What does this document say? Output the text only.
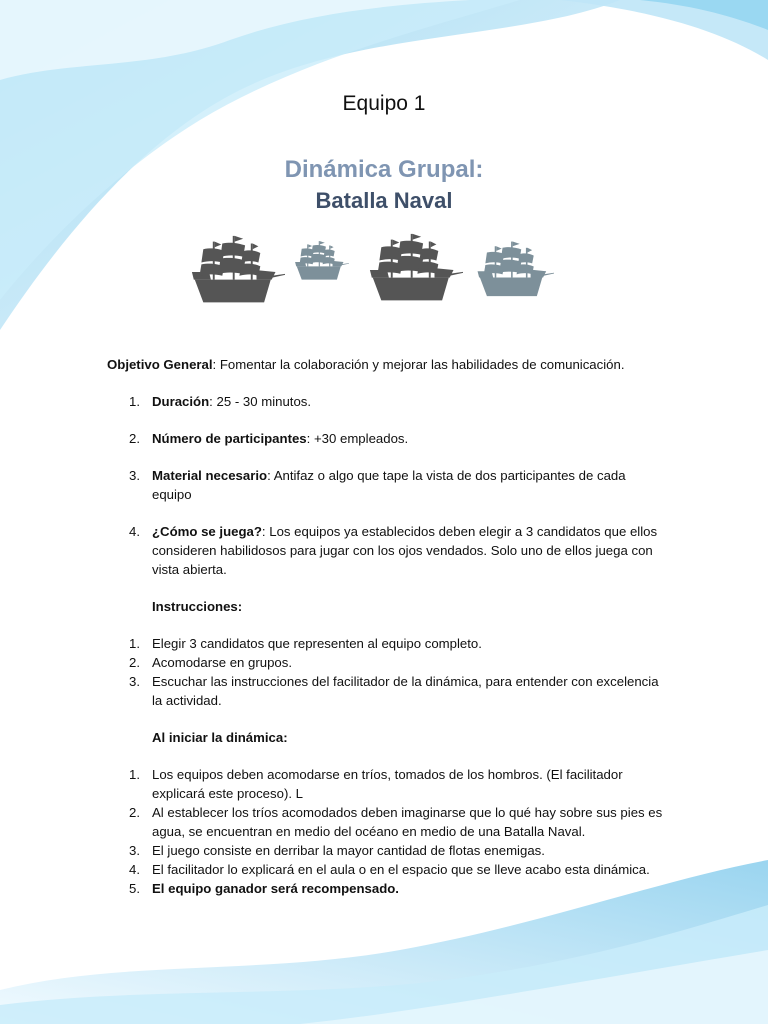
Equipo 1
Dinámica Grupal:
Batalla Naval
Objetivo General: Fomentar la colaboración y mejorar las habilidades de comunicación.
1. Duración: 25 - 30 minutos.
2. Número de participantes: +30 empleados.
3. Material necesario: Antifaz o algo que tape la vista de dos participantes de cada equipo
4. ¿Cómo se juega?: Los equipos ya establecidos deben elegir a 3 candidatos que ellos consideren habilidosos para jugar con los ojos vendados. Solo uno de ellos juega con vista abierta.
Instrucciones:
1. Elegir 3 candidatos que representen al equipo completo.
2. Acomodarse en grupos.
3. Escuchar las instrucciones del facilitador de la dinámica, para entender con excelencia la actividad.
Al iniciar la dinámica:
1. Los equipos deben acomodarse en tríos, tomados de los hombros. (El facilitador explicará este proceso). L
2. Al establecer los tríos acomodados deben imaginarse que lo qué hay sobre sus pies es agua, se encuentran en medio del océano en medio de una Batalla Naval.
3. El juego consiste en derribar la mayor cantidad de flotas enemigas.
4. El facilitador lo explicará en el aula o en el espacio que se lleve acabo esta dinámica.
5. El equipo ganador será recompensado.
